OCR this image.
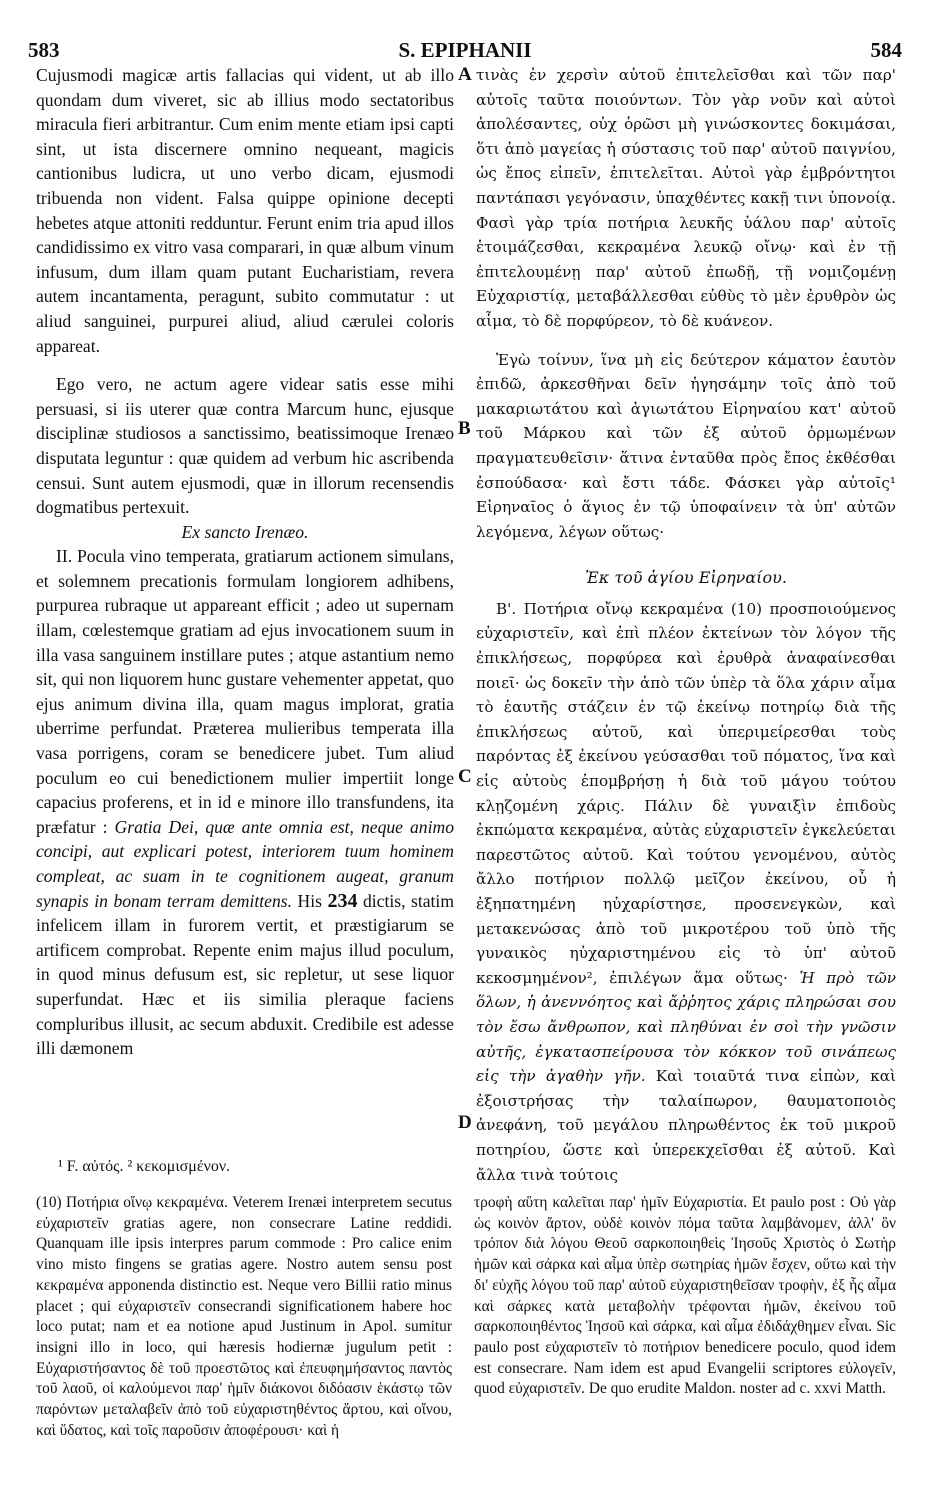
583	S. EPIPHANII	584

Cujusmodi magicæ artis fallacias qui vident, ut ab illo quondam dum viveret, sic ab illius modo sectatoribus miracula fieri arbitrantur. Cum enim mente etiam ipsi capti sint, ut ista discernere omnino nequeant, magicis cantionibus ludicra, ut uno verbo dicam, ejusmodi tribuenda non vident. Falsa quippe opinione decepti hebetes atque attoniti redduntur. Ferunt enim tria apud illos candidissimo ex vitro vasa comparari, in quæ album vinum infusum, dum illam quam putant Eucharistiam, revera autem incantamenta, peragunt, subito commutatur : ut aliud sanguinei, purpurei aliud, aliud cærulei coloris appareat.

Ego vero, ne actum agere videar satis esse mihi persuasi, si iis uterer quæ contra Marcum hunc, ejusque disciplinæ studiosos a sanctissimo, beatissimoque Irenæo disputata leguntur : quæ quidem ad verbum hic ascribenda censui. Sunt autem ejusmodi, quæ in illorum recensendis dogmatibus pertexuit.

Ex sancto Irenæo.

II. Pocula vino temperata, gratiarum actionem simulans, et solemnem precationis formulam longiorem adhibens, purpurea rubraque ut appareant efficit ; adeo ut supernam illam, cœlestemque gratiam ad ejus invocationem suum in illa vasa sanguinem instillare putes ; atque astantium nemo sit, qui non liquorem hunc gustare vehementer appetat, quo ejus animum divina illa, quam magus implorat, gratia uberrime perfundat. Præterea mulieribus temperata illa vasa porrigens, coram se benedicere jubet. Tum aliud poculum eo cui benedictionem mulier impertiit longe capacius proferens, et in id e minore illo transfundens, ita præfatur : Gratia Dei, quæ ante omnia est, neque animo concipi, aut explicari potest, interiorem tuum hominem compleat, ac suam in te cognitionem augeat, granum synapis in bonam terram demittens. His 234 dictis, statim infelicem illam in furorem vertit, et præstigiarum se artificem comprobat. Repente enim majus illud poculum, in quod minus defusum est, sic repletur, ut sese liquor superfundat. Hæc et iis similia pleraque faciens compluribus illusit, ac secum abduxit. Credibile est adesse illi dæmonem

A
B
C
D

τινὰς ἐν χερσὶν αὐτοῦ ἐπιτελεῖσθαι καὶ τῶν παρ' αὐτοῖς ταῦτα ποιούντων. Τὸν γὰρ νοῦν καὶ αὐτοὶ ἀπολέσαντες, οὐχ ὁρῶσι μὴ γινώσκοντες δοκιμάσαι, ὅτι ἀπὸ μαγείας ἡ σύστασις τοῦ παρ' αὐτοῦ παιγνίου, ὡς ἔπος εἰπεῖν, ἐπιτελεῖται. Αὐτοὶ γὰρ ἐμβρόντητοι παντάπασι γεγόνασιν, ὑπαχθέντες κακῇ τινι ὑπονοίᾳ. Φασὶ γὰρ τρία ποτήρια λευκῆς ὑάλου παρ' αὐτοῖς ἑτοιμάζεσθαι, κεκραμένα λευκῷ οἴνῳ· καὶ ἐν τῇ ἐπιτελουμένῃ παρ' αὐτοῦ ἐπωδῇ, τῇ νομιζομένῃ Εὐχαριστίᾳ, μεταβάλλεσθαι εὐθὺς τὸ μὲν ἐρυθρὸν ὡς αἷμα, τὸ δὲ πορφύρεον, τὸ δὲ κυάνεον.

Ἐγὼ τοίνυν, ἵνα μὴ εἰς δεύτερον κάματον ἐαυτὸν ἐπιδῶ, ἀρκεσθῆναι δεῖν ἡγησάμην τοῖς ἀπὸ τοῦ μακαριωτάτου καὶ ἁγιωτάτου Εἰρηναίου κατ' αὐτοῦ τοῦ Μάρκου καὶ τῶν ἐξ αὐτοῦ ὁρμωμένων πραγματευθεῖσιν· ἅτινα ἐνταῦθα πρὸς ἔπος ἐκθέσθαι ἐσπούδασα· καὶ ἔστι τάδε. Φάσκει γὰρ αὐτοῖς¹ Εἰρηναῖος ὁ ἅγιος ἐν τῷ ὑποφαίνειν τὰ ὑπ' αὐτῶν λεγόμενα, λέγων οὕτως·

Ἐκ τοῦ ἁγίου Εἰρηναίου.

Β'. Ποτήρια οἴνῳ κεκραμένα (10) προσποιούμενος εὐχαριστεῖν, καὶ ἐπὶ πλέον ἐκτείνων τὸν λόγον τῆς ἐπικλήσεως, πορφύρεα καὶ ἐρυθρὰ ἀναφαίνεσθαι ποιεῖ· ὡς δοκεῖν τὴν ἀπὸ τῶν ὑπὲρ τὰ ὅλα χάριν αἷμα τὸ ἑαυτῆς στάζειν ἐν τῷ ἐκείνῳ ποτηρίῳ διὰ τῆς ἐπικλήσεως αὐτοῦ, καὶ ὑπεριμείρεσθαι τοὺς παρόντας ἐξ ἐκείνου γεύσασθαι τοῦ πόματος, ἵνα καὶ εἰς αὐτοὺς ἐπομβρήσῃ ἡ διὰ τοῦ μάγου τούτου κλῃζομένη χάρις. Πάλιν δὲ γυναιξὶν ἐπιδοὺς ἐκπώματα κεκραμένα, αὐτὰς εὐχαριστεῖν ἐγκελεύεται παρεστῶτος αὐτοῦ. Καὶ τούτου γενομένου, αὐτὸς ἄλλο ποτήριον πολλῷ μεῖζον ἐκείνου, οὗ ἡ ἐξηπατημένη ηὐχαρίστησε, προσενεγκὼν, καὶ μετακενώσας ἀπὸ τοῦ μικροτέρου τοῦ ὑπὸ τῆς γυναικὸς ηὐχαριστημένου εἰς τὸ ὑπ' αὐτοῦ κεκοσμημένον², ἐπιλέγων ἅμα οὕτως· Ἡ πρὸ τῶν ὅλων, ἡ ἀνεννόητος καὶ ἄῤῥητος χάρις πληρώσαι σου τὸν ἔσω ἄνθρωπον, καὶ πληθύναι ἐν σοὶ τὴν γνῶσιν αὐτῆς, ἐγκατασπείρουσα τὸν κόκκον τοῦ σινάπεως εἰς τὴν ἀγαθὴν γῆν. Καὶ τοιαῦτά τινα εἰπὼν, καὶ ἐξοιστρήσας τὴν ταλαίπωρον, θαυματοποιὸς ἀνεφάνη, τοῦ μεγάλου πληρωθέντος ἐκ τοῦ μικροῦ ποτηρίου, ὥστε καὶ ὑπερεκχεῖσθαι ἐξ αὐτοῦ. Καὶ ἄλλα τινὰ τούτοις

¹ F. αὐτός. ² κεκομισμένον.

(10) Ποτήρια οἴνῳ κεκραμένα. Veterem Irenæi interpretem secutus εὐχαριστεῖν gratias agere, non consecrare Latine reddidi. Quanquam ille ipsis interpres parum commode : Pro calice enim vino misto fingens se gratias agere. Nostro autem sensu post κεκραμένα apponenda distinctio est. Neque vero Billii ratio minus placet ; qui εὐχαριστεῖν consecrandi significationem habere hoc loco putat; nam et ea notione apud Justinum in Apol. sumitur insigni illo in loco, qui hæresis hodiernæ jugulum petit : Εὐχαριστήσαντος δὲ τοῦ προεστῶτος καὶ ἐπευφημήσαντος παντὸς τοῦ λαοῦ, οἱ καλούμενοι παρ' ἡμῖν διάκονοι διδόασιν ἑκάστῳ τῶν παρόντων μεταλαβεῖν ἀπὸ τοῦ εὐχαριστηθέντος ἄρτου, καὶ οἴνου, καὶ ὕδατος, καὶ τοῖς παροῦσιν ἀποφέρουσι· καὶ ἡ

τροφὴ αὕτη καλεῖται παρ' ἡμῖν Εὐχαριστία. Et paulo post : Οὐ γὰρ ὡς κοινὸν ἄρτον, οὐδὲ κοινὸν πόμα ταῦτα λαμβάνομεν, ἀλλ' ὃν τρόπον διὰ λόγου Θεοῦ σαρκοποιηθεὶς Ἰησοῦς Χριστὸς ὁ Σωτὴρ ἡμῶν καὶ σάρκα καὶ αἷμα ὑπὲρ σωτηρίας ἡμῶν ἔσχεν, οὕτω καὶ τὴν δι' εὐχῆς λόγου τοῦ παρ' αὐτοῦ εὐχαριστηθεῖσαν τροφὴν, ἐξ ἧς αἷμα καὶ σάρκες κατὰ μεταβολὴν τρέφονται ἡμῶν, ἐκείνου τοῦ σαρκοποιηθέντος Ἰησοῦ καὶ σάρκα, καὶ αἷμα ἐδιδάχθημεν εἶναι. Sic paulo post εὐχαριστεῖν τὸ ποτήριον benedicere poculo, quod idem est consecrare. Nam idem est apud Evangelii scriptores εὐλογεῖν, quod εὐχαριστεῖν. De quo erudite Maldon. noster ad c. xxvi Matth.
